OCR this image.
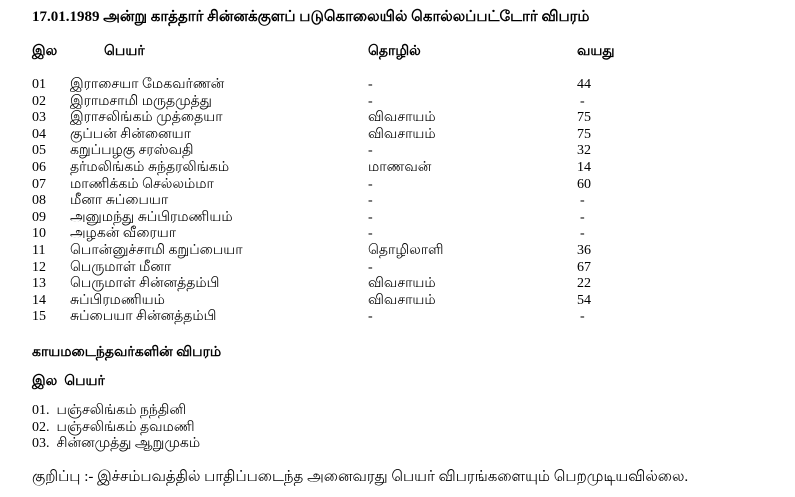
17.01.1989 அன்று காத்தார் சின்னக்குளப் படுகொலையில் கொல்லப்பட்டோர் விபரம்
இல	பெயர்	தொழில்	வயது
01 இராசையா மேகவர்ணன்	-	44
02 இராமசாமி மருதமுத்து	-	-
03 இராசலிங்கம் முத்தையா	விவசாயம்	75
04 குப்பன் சின்னையா	விவசாயம்	75
05 கறுப்பழகு சரஸ்வதி	-	32
06 தர்மலிங்கம் சுந்தரலிங்கம்	மாணவன்	14
07 மாணிக்கம் செல்லம்மா	-	60
08 மீனா சுப்பையா	-	-
09 அனுமந்து சுப்பிரமணியம்	-	-
10 அழகன் வீரையா	-	-
11 பொன்னுச்சாமி கறுப்பையா	தொழிலாளி	36
12 பெருமாள் மீனா	-	67
13 பெருமாள் சின்னத்தம்பி	விவசாயம்	22
14 சுப்பிரமணியம்	விவசாயம்	54
15 சுப்பையா சின்னத்தம்பி	-	-
காயமடைந்தவர்களின் விபரம்
இல  பெயர்
01.  பஞ்சலிங்கம் நந்தினி
02.  பஞ்சலிங்கம் தவமணி
03.  சின்னமுத்து ஆறுமுகம்
குறிப்பு :- இச்சம்பவத்தில் பாதிப்படைந்த அனைவரது பெயர் விபரங்களையும் பெறமுடியவில்லை.
